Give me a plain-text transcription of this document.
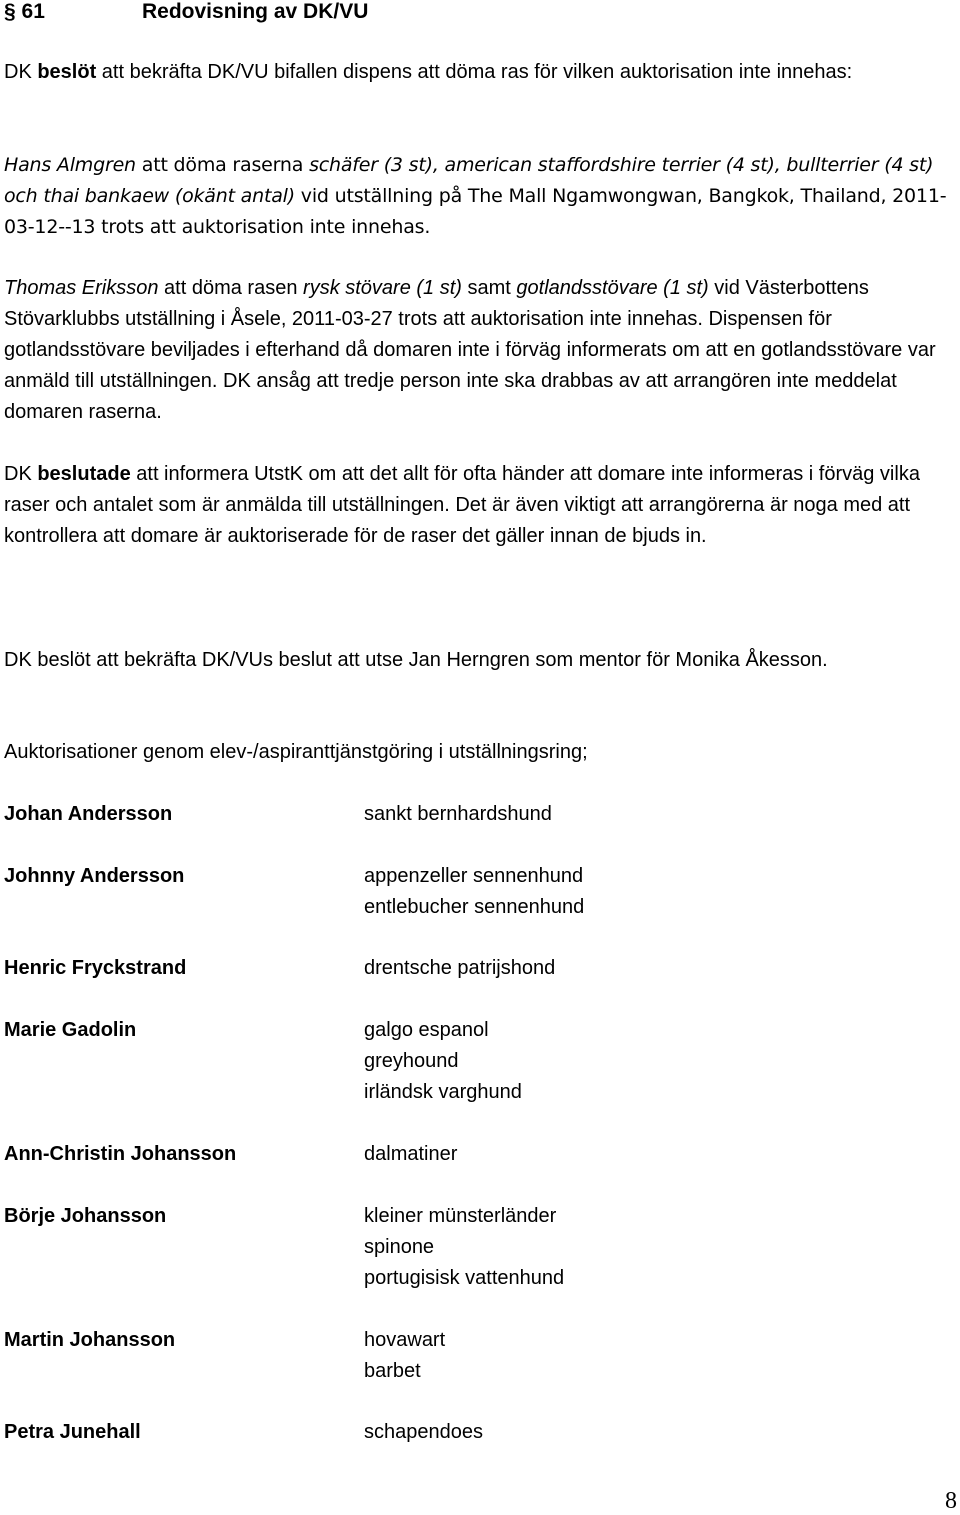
§ 61	Redovisning av DK/VU
DK beslöt att bekräfta DK/VU bifallen dispens att döma ras för vilken auktorisation inte innehas:
Hans Almgren att döma raserna schäfer (3 st), american staffordshire terrier (4 st), bullterrier (4 st) och thai bankaew (okänt antal) vid utställning på The Mall Ngamwongwan, Bangkok, Thailand, 2011-03-12--13 trots att auktorisation inte innehas.
Thomas Eriksson att döma rasen rysk stövare (1 st) samt gotlandsstövare (1 st) vid Västerbottens Stövarklubbs utställning i Åsele, 2011-03-27 trots att auktorisation inte innehas. Dispensen för gotlandsstövare beviljades i efterhand då domaren inte i förväg informerats om att en gotlandsstövare var anmäld till utställningen. DK ansåg att tredje person inte ska drabbas av att arrangören inte meddelat domaren raserna.
DK beslutade att informera UtstK om att det allt för ofta händer att domare inte informeras i förväg vilka raser och antalet som är anmälda till utställningen. Det är även viktigt att arrangörerna är noga med att kontrollera att domare är auktoriserade för de raser det gäller innan de bjuds in.
DK beslöt att bekräfta DK/VUs beslut att utse Jan Herngren som mentor för Monika Åkesson.
Auktorisationer genom elev-/aspiranttjänstgöring i utställningsring;
Johan Andersson	sankt bernhardshund
Johnny Andersson	appenzeller sennenhund
entlebucher sennenhund
Henric Fryckstrand	drentsche patrijshond
Marie Gadolin	galgo espanol
greyhound
irländsk varghund
Ann-Christin Johansson	dalmatiner
Börje Johansson	kleiner münsterländer
spinone
portugisisk vattenhund
Martin Johansson	hovawart
barbet
Petra Junehall	schapendoes
8
